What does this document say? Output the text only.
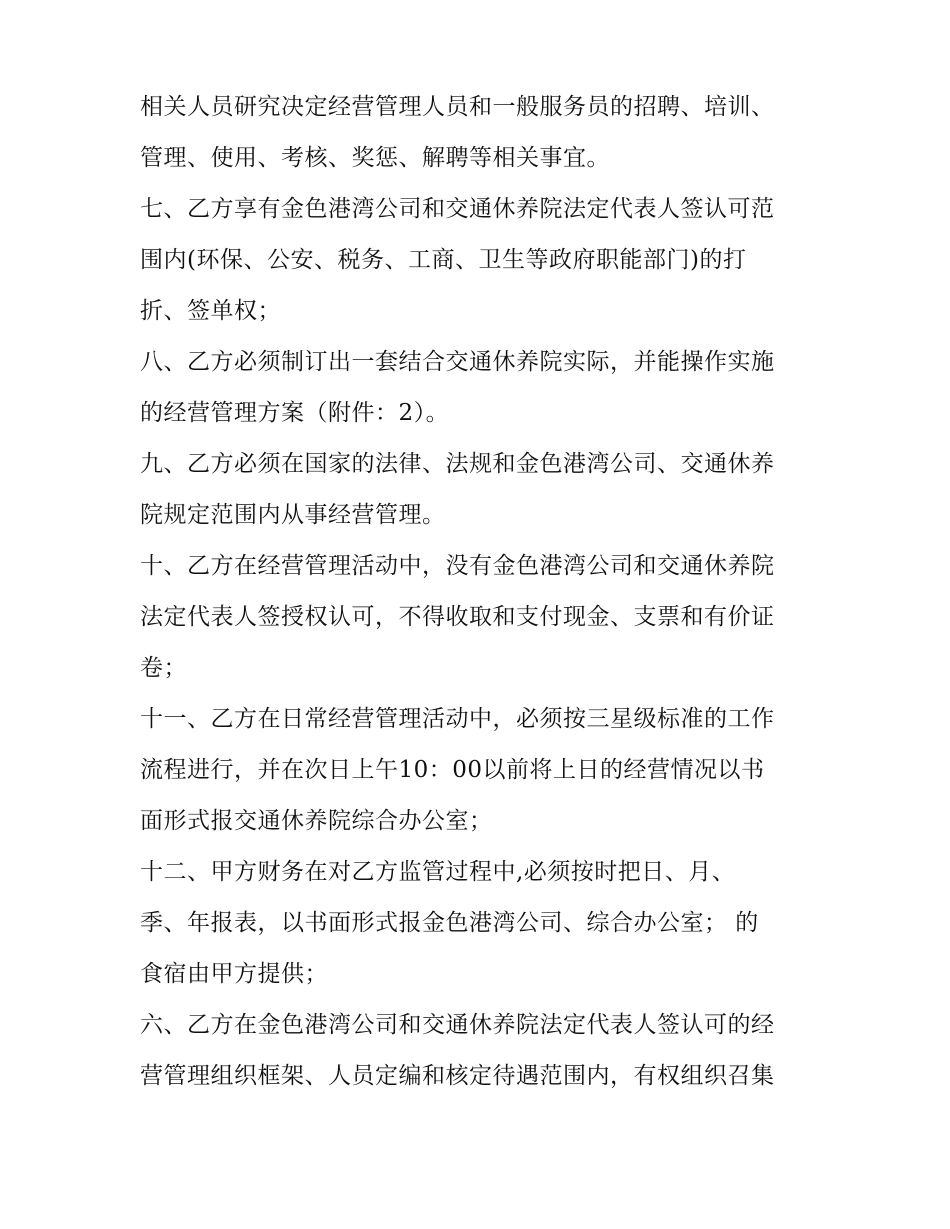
相关人员研究决定经营管理人员和一般服务员的招聘、培训、
管理、使用、考核、奖惩、解聘等相关事宜。
七、乙方享有金色港湾公司和交通休养院法定代表人签认可范
围内(环保、公安、税务、工商、卫生等政府职能部门)的打
折、签单权；
八、乙方必须制订出一套结合交通休养院实际，并能操作实施
的经营管理方案（附件：2）。
九、乙方必须在国家的法律、法规和金色港湾公司、交通休养
院规定范围内从事经营管理。
十、乙方在经营管理活动中，没有金色港湾公司和交通休养院
法定代表人签授权认可，不得收取和支付现金、支票和有价证
卷；
十一、乙方在日常经营管理活动中，必须按三星级标准的工作
流程进行，并在次日上午10：00以前将上日的经营情况以书
面形式报交通休养院综合办公室；
十二、甲方财务在对乙方监管过程中,必须按时把日、月、
季、年报表，以书面形式报金色港湾公司、综合办公室； 的
食宿由甲方提供；
六、乙方在金色港湾公司和交通休养院法定代表人签认可的经
营管理组织框架、人员定编和核定待遇范围内，有权组织召集
